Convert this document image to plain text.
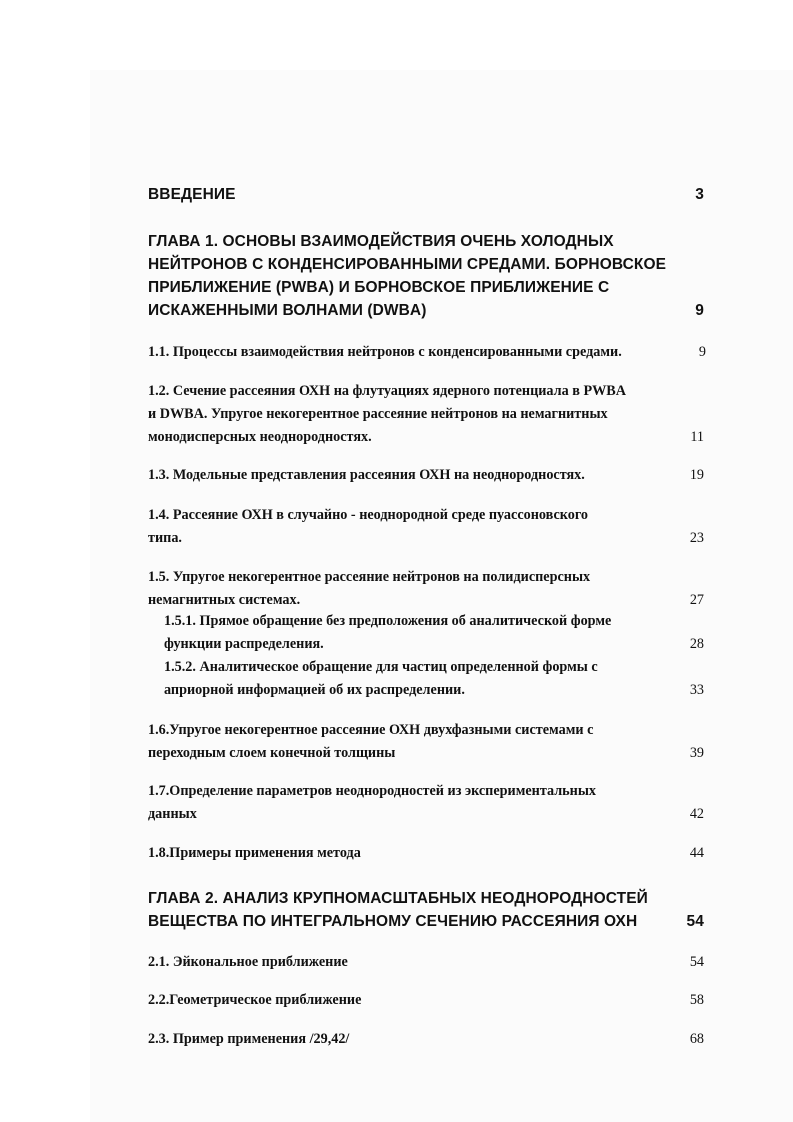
ВВЕДЕНИЕ	3
ГЛАВА 1. ОСНОВЫ ВЗАИМОДЕЙСТВИЯ ОЧЕНЬ ХОЛОДНЫХ
НЕЙТРОНОВ С КОНДЕНСИРОВАННЫМИ СРЕДАМИ. БОРНОВСКОЕ
ПРИБЛИЖЕНИЕ (PWBA) И БОРНОВСКОЕ ПРИБЛИЖЕНИЕ С
ИСКАЖЕННЫМИ ВОЛНАМИ (DWBA)	9
1.1. Процессы взаимодействия нейтронов с конденсированными средами.	9
1.2. Сечение рассеяния ОХН на флутуациях ядерного потенциала в PWBA
и DWBA. Упругое некогерентное рассеяние нейтронов на немагнитных
монодисперсных неоднородностях.	11
1.3. Модельные представления рассеяния ОХН на неоднородностях.	19
1.4. Рассеяние ОХН в случайно - неоднородной среде пуассоновского
типа.	23
1.5. Упругое некогерентное рассеяние нейтронов на полидисперсных
немагнитных системах.	27
1.5.1. Прямое обращение без предположения об аналитической форме
функции распределения.	28
1.5.2. Аналитическое обращение для частиц определенной формы с
априорной информацией об их распределении.	33
1.6.Упругое некогерентное рассеяние ОХН двухфазными системами с
переходным слоем конечной толщины	39
1.7.Определение параметров неоднородностей из экспериментальных
данных	42
1.8.Примеры применения метода	44
ГЛАВА 2. АНАЛИЗ КРУПНОМАСШТАБНЫХ НЕОДНОРОДНОСТЕЙ
ВЕЩЕСТВА ПО ИНТЕГРАЛЬНОМУ СЕЧЕНИЮ РАССЕЯНИЯ ОХН	54
2.1. Эйкональное приближение	54
2.2.Геометрическое приближение	58
2.3. Пример применения /29,42/	68
